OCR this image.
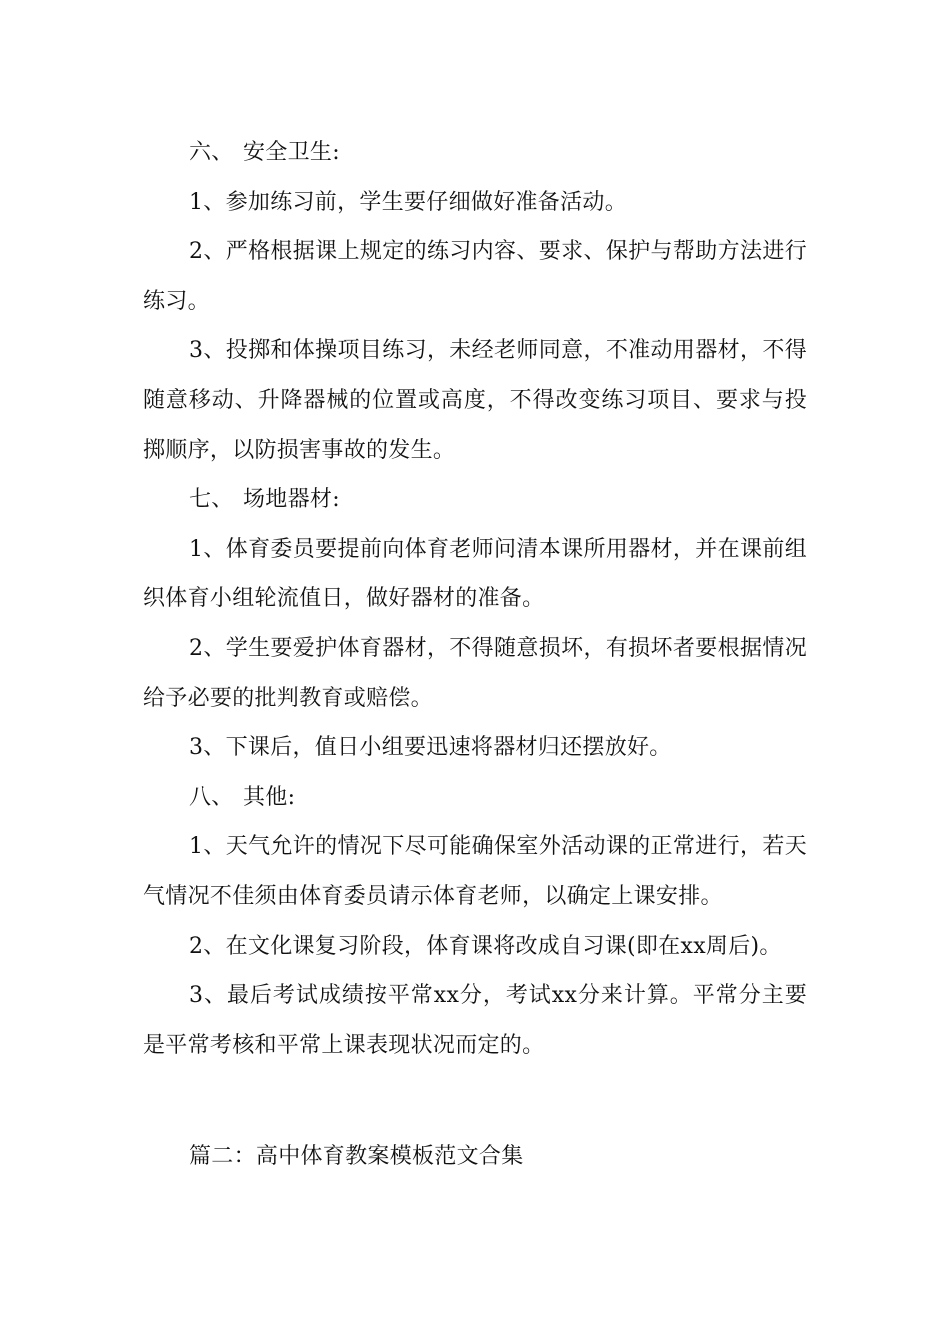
六、 安全卫生:

1、参加练习前，学生要仔细做好准备活动。

2、严格根据课上规定的练习内容、要求、保护与帮助方法进行练习。

3、投掷和体操项目练习，未经老师同意，不准动用器材，不得随意移动、升降器械的位置或高度，不得改变练习项目、要求与投掷顺序，以防损害事故的发生。

七、 场地器材:

1、体育委员要提前向体育老师问清本课所用器材，并在课前组织体育小组轮流值日，做好器材的准备。

2、学生要爱护体育器材，不得随意损坏，有损坏者要根据情况给予必要的批判教育或赔偿。

3、下课后，值日小组要迅速将器材归还摆放好。

八、 其他:

1、天气允许的情况下尽可能确保室外活动课的正常进行，若天气情况不佳须由体育委员请示体育老师，以确定上课安排。

2、在文化课复习阶段，体育课将改成自习课(即在xx周后)。

3、最后考试成绩按平常xx分，考试xx分来计算。平常分主要是平常考核和平常上课表现状况而定的。

篇二：高中体育教案模板范文合集
